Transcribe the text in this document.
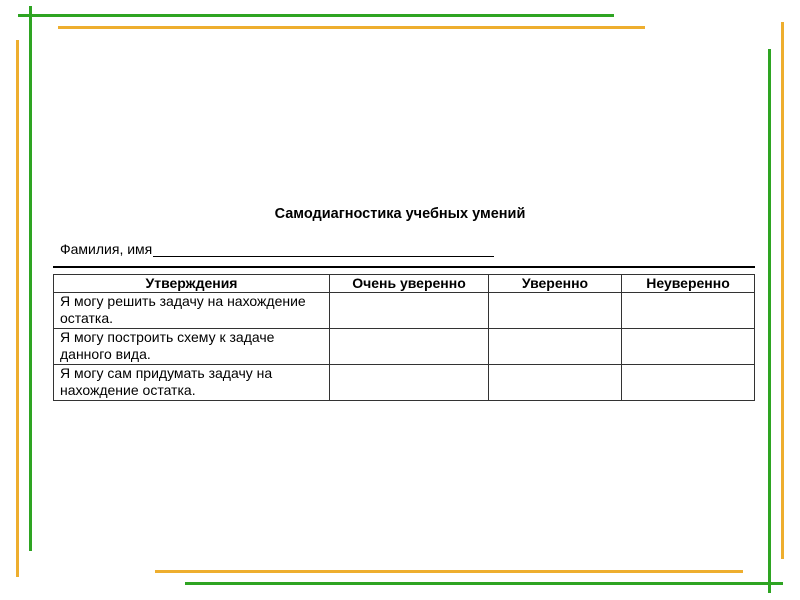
Самодиагностика учебных умений
Фамилия, имя
Утверждения	Очень уверенно	Уверенно	Неуверенно
Я могу решить задачу на нахождение остатка.			
Я могу построить схему к задаче данного вида.			
Я могу сам придумать задачу на нахождение остатка.			
